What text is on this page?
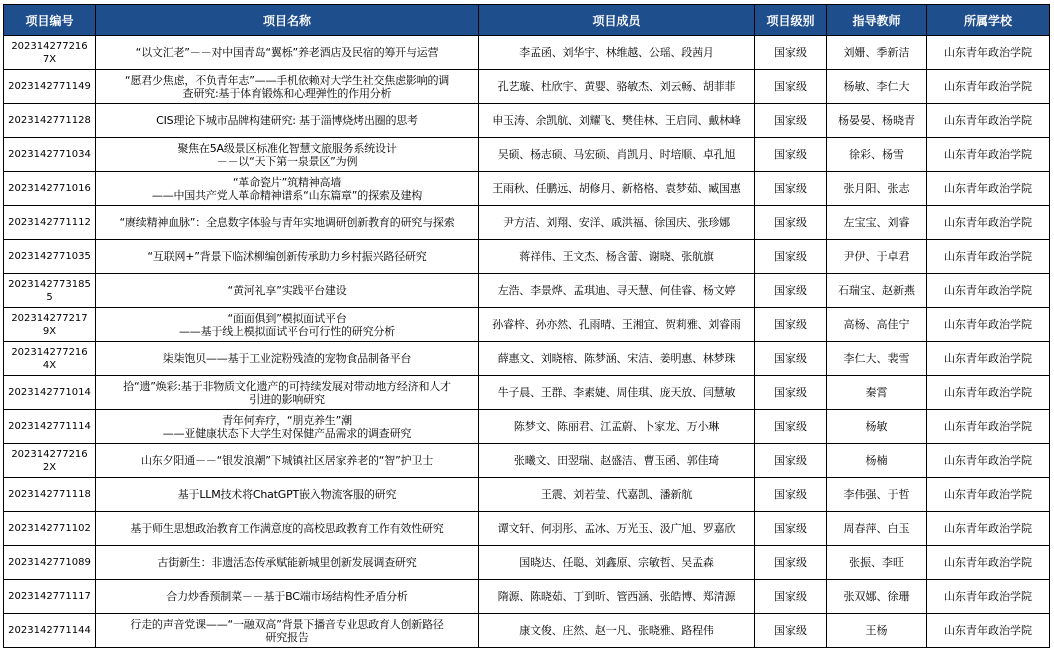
项目编号	项目名称	项目成员	项目级别	指导教师	所属学校
202314277216​7X	“以文汇老”－－对中国青岛“翼栎”养老酒店及民宿的筹开与运营	李孟函、刘华宇、林维越、公瑶、段茜月	国家级	刘姗、季新洁	山东青年政治学院
2023142771149	“愿君少焦虑，不负青年志”——手机依赖对大学生社交焦虑影响的调
查研究:基于体育锻炼和心理弹性的作用分析	孔艺璇、杜欣宇、黄婴、骆敏杰、刘云畅、胡菲菲	国家级	杨敏、李仁大	山东青年政治学院
2023142771128	CIS理论下城市品牌构建研究: 基于淄博烧烤出圈的思考	申玉涛、余凯航、刘耀飞、樊佳林、王启同、戴林峰	国家级	杨晏晏、杨晓青	山东青年政治学院
2023142771034	聚焦在5A级景区标准化智慧文旅服务系统设计
－－以“天下第一泉景区”为例	吴硕、杨志硕、马宏硕、肖凯月、时培顺、卓孔旭	国家级	徐彩、杨雪	山东青年政治学院
2023142771016	“革命瓷片”筑精神高墙
——中国共产党人革命精神谱系“山东篇章”的探索及建构	王雨秋、任鹏远、胡修月、新格格、袁梦茹、臧国惠	国家级	张月阳、张志	山东青年政治学院
2023142771112	“赓续精神血脉”：全息数字体验与青年实地调研创新教育的研究与探索	尹方洁、刘翔、安洋、戚洪福、徐国庆、张珍娜	国家级	左宝宝、刘睿	山东青年政治学院
2023142771035	“互联网+”背景下临沭柳编创新传承助力乡村振兴路径研究	蒋祥伟、王文杰、杨含蕾、谢晓、张航旗	国家级	尹伊、于卓君	山东青年政治学院
2023142773185​5	“黄河礼享”实践平台建设	左浩、李景烨、孟琪迪、寻天慧、何佳睿、杨文婷	国家级	石瑞宝、赵新燕	山东青年政治学院
202314277217​9X	“面面俱到”模拟面试平台
——基于线上模拟面试平台可行性的研究分析	孙睿梓、孙亦然、孔雨晴、王湘宜、贺莉雅、刘睿雨	国家级	高杨、高佳宁	山东青年政治学院
202314277216​4X	柒柒饱贝——基于工业淀粉残渣的宠物食品制备平台	薛惠文、刘晓榕、陈梦涵、宋洁、姜明惠、林梦珠	国家级	李仁大、裴雪	山东青年政治学院
2023142771014	拾“遗”焕彩:基于非物质文化遗产的可持续发展对带动地方经济和人才
引进的影响研究	牛子晨、王群、李素婕、周佳琪、庞天放、闫慧敏	国家级	秦霄	山东青年政治学院
2023142771114	青年何弃疗，“朋克养生”潮
——亚健康状态下大学生对保健产品需求的调查研究	陈梦文、陈丽君、江孟蔚、卜家龙、万小琳	国家级	杨敏	山东青年政治学院
202314277216​2X	山东夕阳通－－“银发浪潮”下城镇社区居家养老的“智”护卫士	张曦文、田翌瑞、赵盛洁、曹玉函、郭佳琦	国家级	杨楠	山东青年政治学院
2023142771118	基于LLM技术将ChatGPT嵌入物流客服的研究	王震、刘若莹、代嘉凯、潘新航	国家级	李伟强、于哲	山东青年政治学院
2023142771102	基于师生思想政治教育工作满意度的高校思政教育工作有效性研究	谭文轩、何羽彤、孟冰、万光玉、汲广旭、罗嘉欣	国家级	周春萍、白玉	山东青年政治学院
2023142771089	古街新生：非遗活态传承赋能新城里创新发展调查研究	国晓达、任聪、刘鑫原、宗敏哲、吴孟森	国家级	张振、李旺	山东青年政治学院
2023142771117	合力炒香预制菜－－基于BC端市场结构性矛盾分析	隋源、陈晓茹、丁到昕、管西涵、张皓博、郑清源	国家级	张双娜、徐珊	山东青年政治学院
2023142771144	行走的声音党课——“一融双高”背景下播音专业思政育人创新路径
研究报告	康文俊、庄然、赵一凡、张晓雅、路程伟	国家级	王杨	山东青年政治学院
